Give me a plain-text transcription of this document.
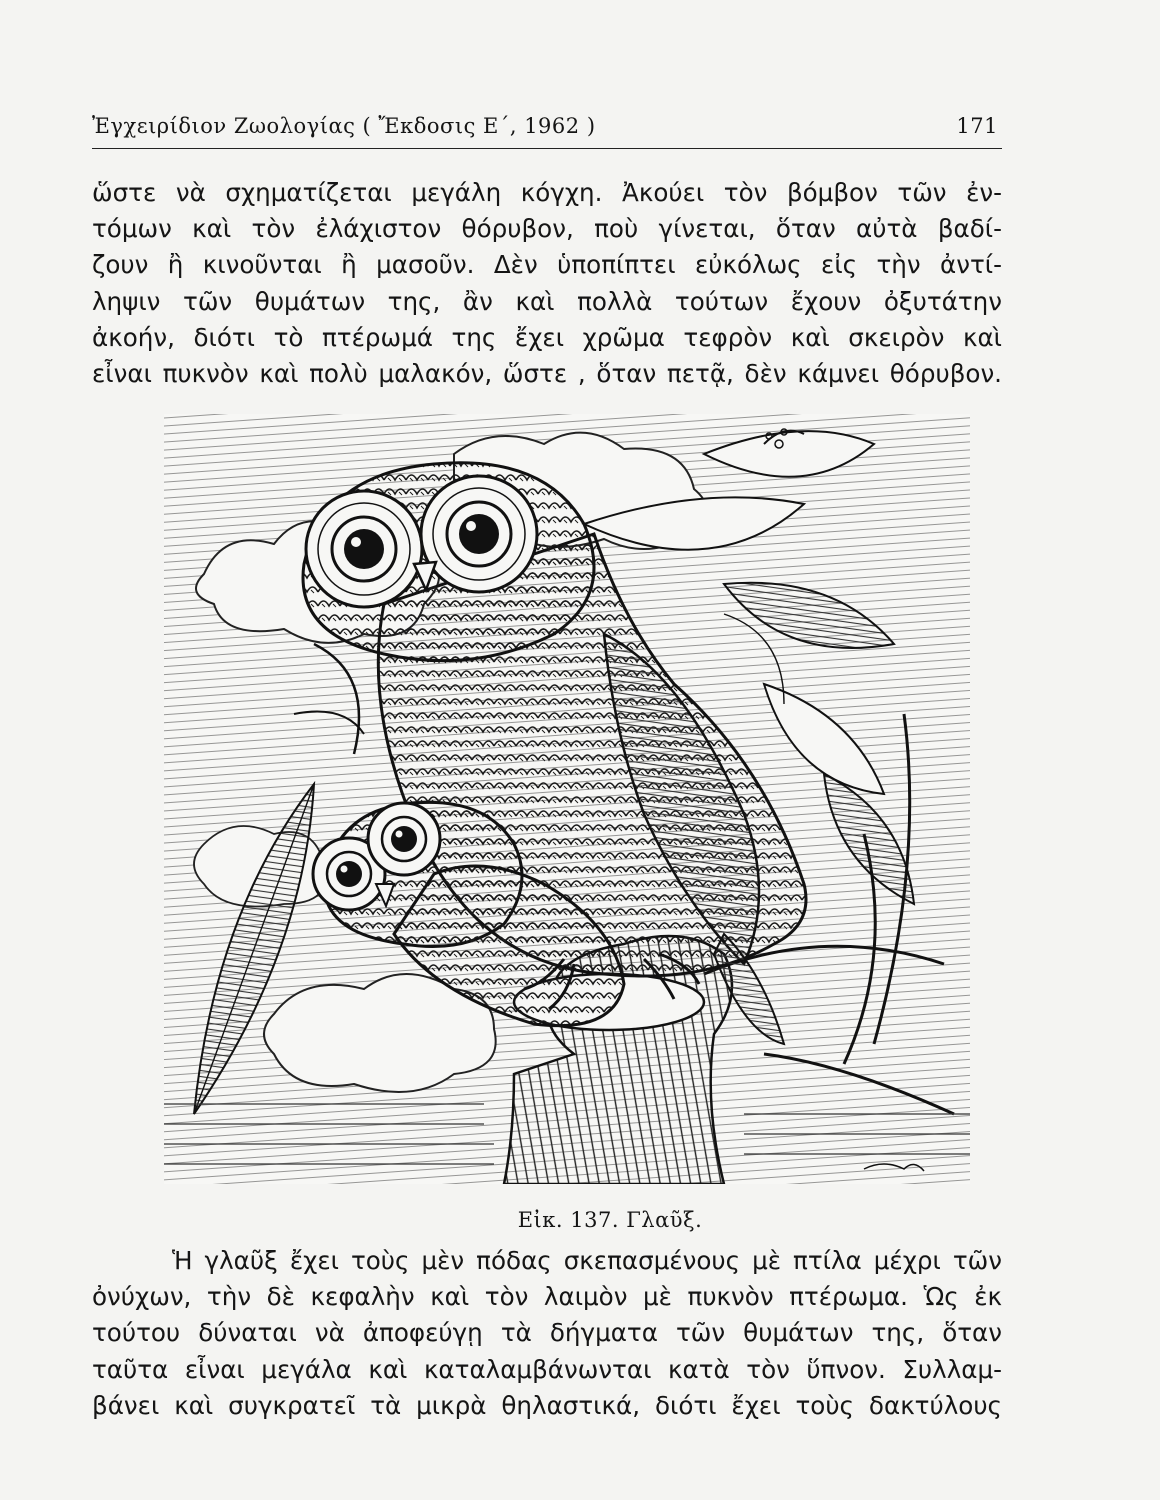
Ἐγχειρίδιον Ζωολογίας ( Ἔκδοσις Ε΄, 1962 )	171
ὥστε νὰ σχηματίζεται μεγάλη κόγχη. Ἀκούει τὸν βόμβον τῶν ἐν-
τόμων καὶ τὸν ἐλάχιστον θόρυβον, ποὺ γίνεται, ὅταν αὐτὰ βαδί-
ζουν ἢ κινοῦνται ἢ μασοῦν. Δὲν ὑποπίπτει εὐκόλως εἰς τὴν ἀντί-
ληψιν τῶν θυμάτων της, ἂν καὶ πολλὰ τούτων ἔχουν ὀξυτάτην
ἀκοήν, διότι τὸ πτέρωμά της ἔχει χρῶμα τεφρὸν καὶ σκειρὸν καὶ
εἶναι πυκνὸν καὶ πολὺ μαλακόν, ὥστε , ὅταν πετᾷ, δὲν κάμνει θόρυβον.
Εἰκ. 137. Γλαῦξ.
Ἡ γλαῦξ ἔχει τοὺς μὲν πόδας σκεπασμένους μὲ πτίλα μέχρι τῶν
ὀνύχων, τὴν δὲ κεφαλὴν καὶ τὸν λαιμὸν μὲ πυκνὸν πτέρωμα. Ὡς ἐκ
τούτου δύναται νὰ ἀποφεύγῃ τὰ δήγματα τῶν θυμάτων της, ὅταν
ταῦτα εἶναι μεγάλα καὶ καταλαμβάνωνται κατὰ τὸν ὕπνον. Συλλαμ-
βάνει καὶ συγκρατεῖ τὰ μικρὰ θηλαστικά, διότι ἔχει τοὺς δακτύλους
